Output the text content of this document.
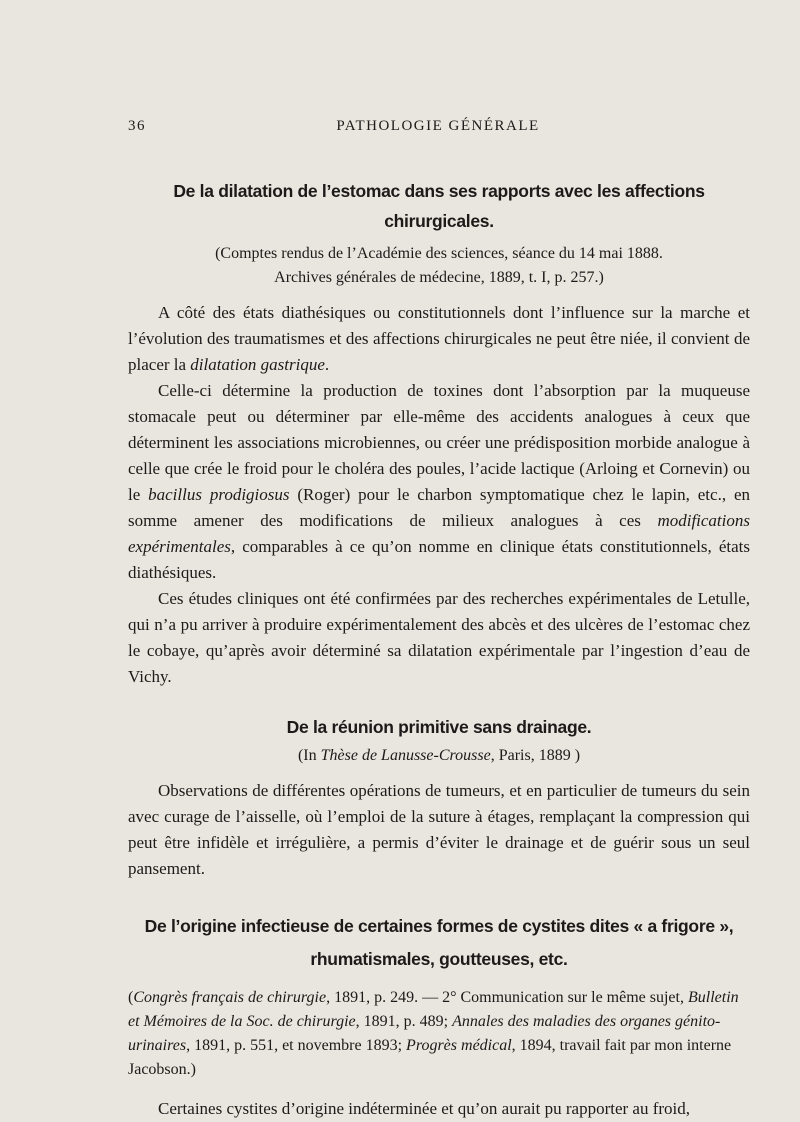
36	PATHOLOGIE GÉNÉRALE
De la dilatation de l’estomac dans ses rapports avec les affections chirurgicales.
(Comptes rendus de l’Académie des sciences, séance du 14 mai 1888.
Archives générales de médecine, 1889, t. I, p. 257.)

A côté des états diathésiques ou constitutionnels dont l’influence sur la marche et l’évolution des traumatismes et des affections chirurgicales ne peut être niée, il convient de placer la dilatation gastrique.

Celle-ci détermine la production de toxines dont l’absorption par la muqueuse stomacale peut ou déterminer par elle-même des accidents analogues à ceux que déterminent les associations microbiennes, ou créer une prédisposition morbide analogue à celle que crée le froid pour le choléra des poules, l’acide lactique (Arloing et Cornevin) ou le bacillus prodigiosus (Roger) pour le charbon symptomatique chez le lapin, etc., en somme amener des modifications de milieux analogues à ces modifications expérimentales, comparables à ce qu’on nomme en clinique états constitutionnels, états diathésiques.

Ces études cliniques ont été confirmées par des recherches expérimentales de Letulle, qui n’a pu arriver à produire expérimentalement des abcès et des ulcères de l’estomac chez le cobaye, qu’après avoir déterminé sa dilatation expérimentale par l’ingestion d’eau de Vichy.

De la réunion primitive sans drainage.
(In Thèse de Lanusse-Crousse, Paris, 1889 )

Observations de différentes opérations de tumeurs, et en particulier de tumeurs du sein avec curage de l’aisselle, où l’emploi de la suture à étages, remplaçant la compression qui peut être infidèle et irrégulière, a permis d’éviter le drainage et de guérir sous un seul pansement.

De l’origine infectieuse de certaines formes de cystites dites « a frigore »,
rhumatismales, goutteuses, etc.

(Congrès français de chirurgie, 1891, p. 249. — 2° Communication sur le même sujet, Bulletin et Mémoires de la Soc. de chirurgie, 1891, p. 489; Annales des maladies des organes génito-urinaires, 1891, p. 551, et novembre 1893; Progrès médical, 1894, travail fait par mon interne Jacobson.)

Certaines cystites d’origine indéterminée et qu’on aurait pu rapporter au froid,
